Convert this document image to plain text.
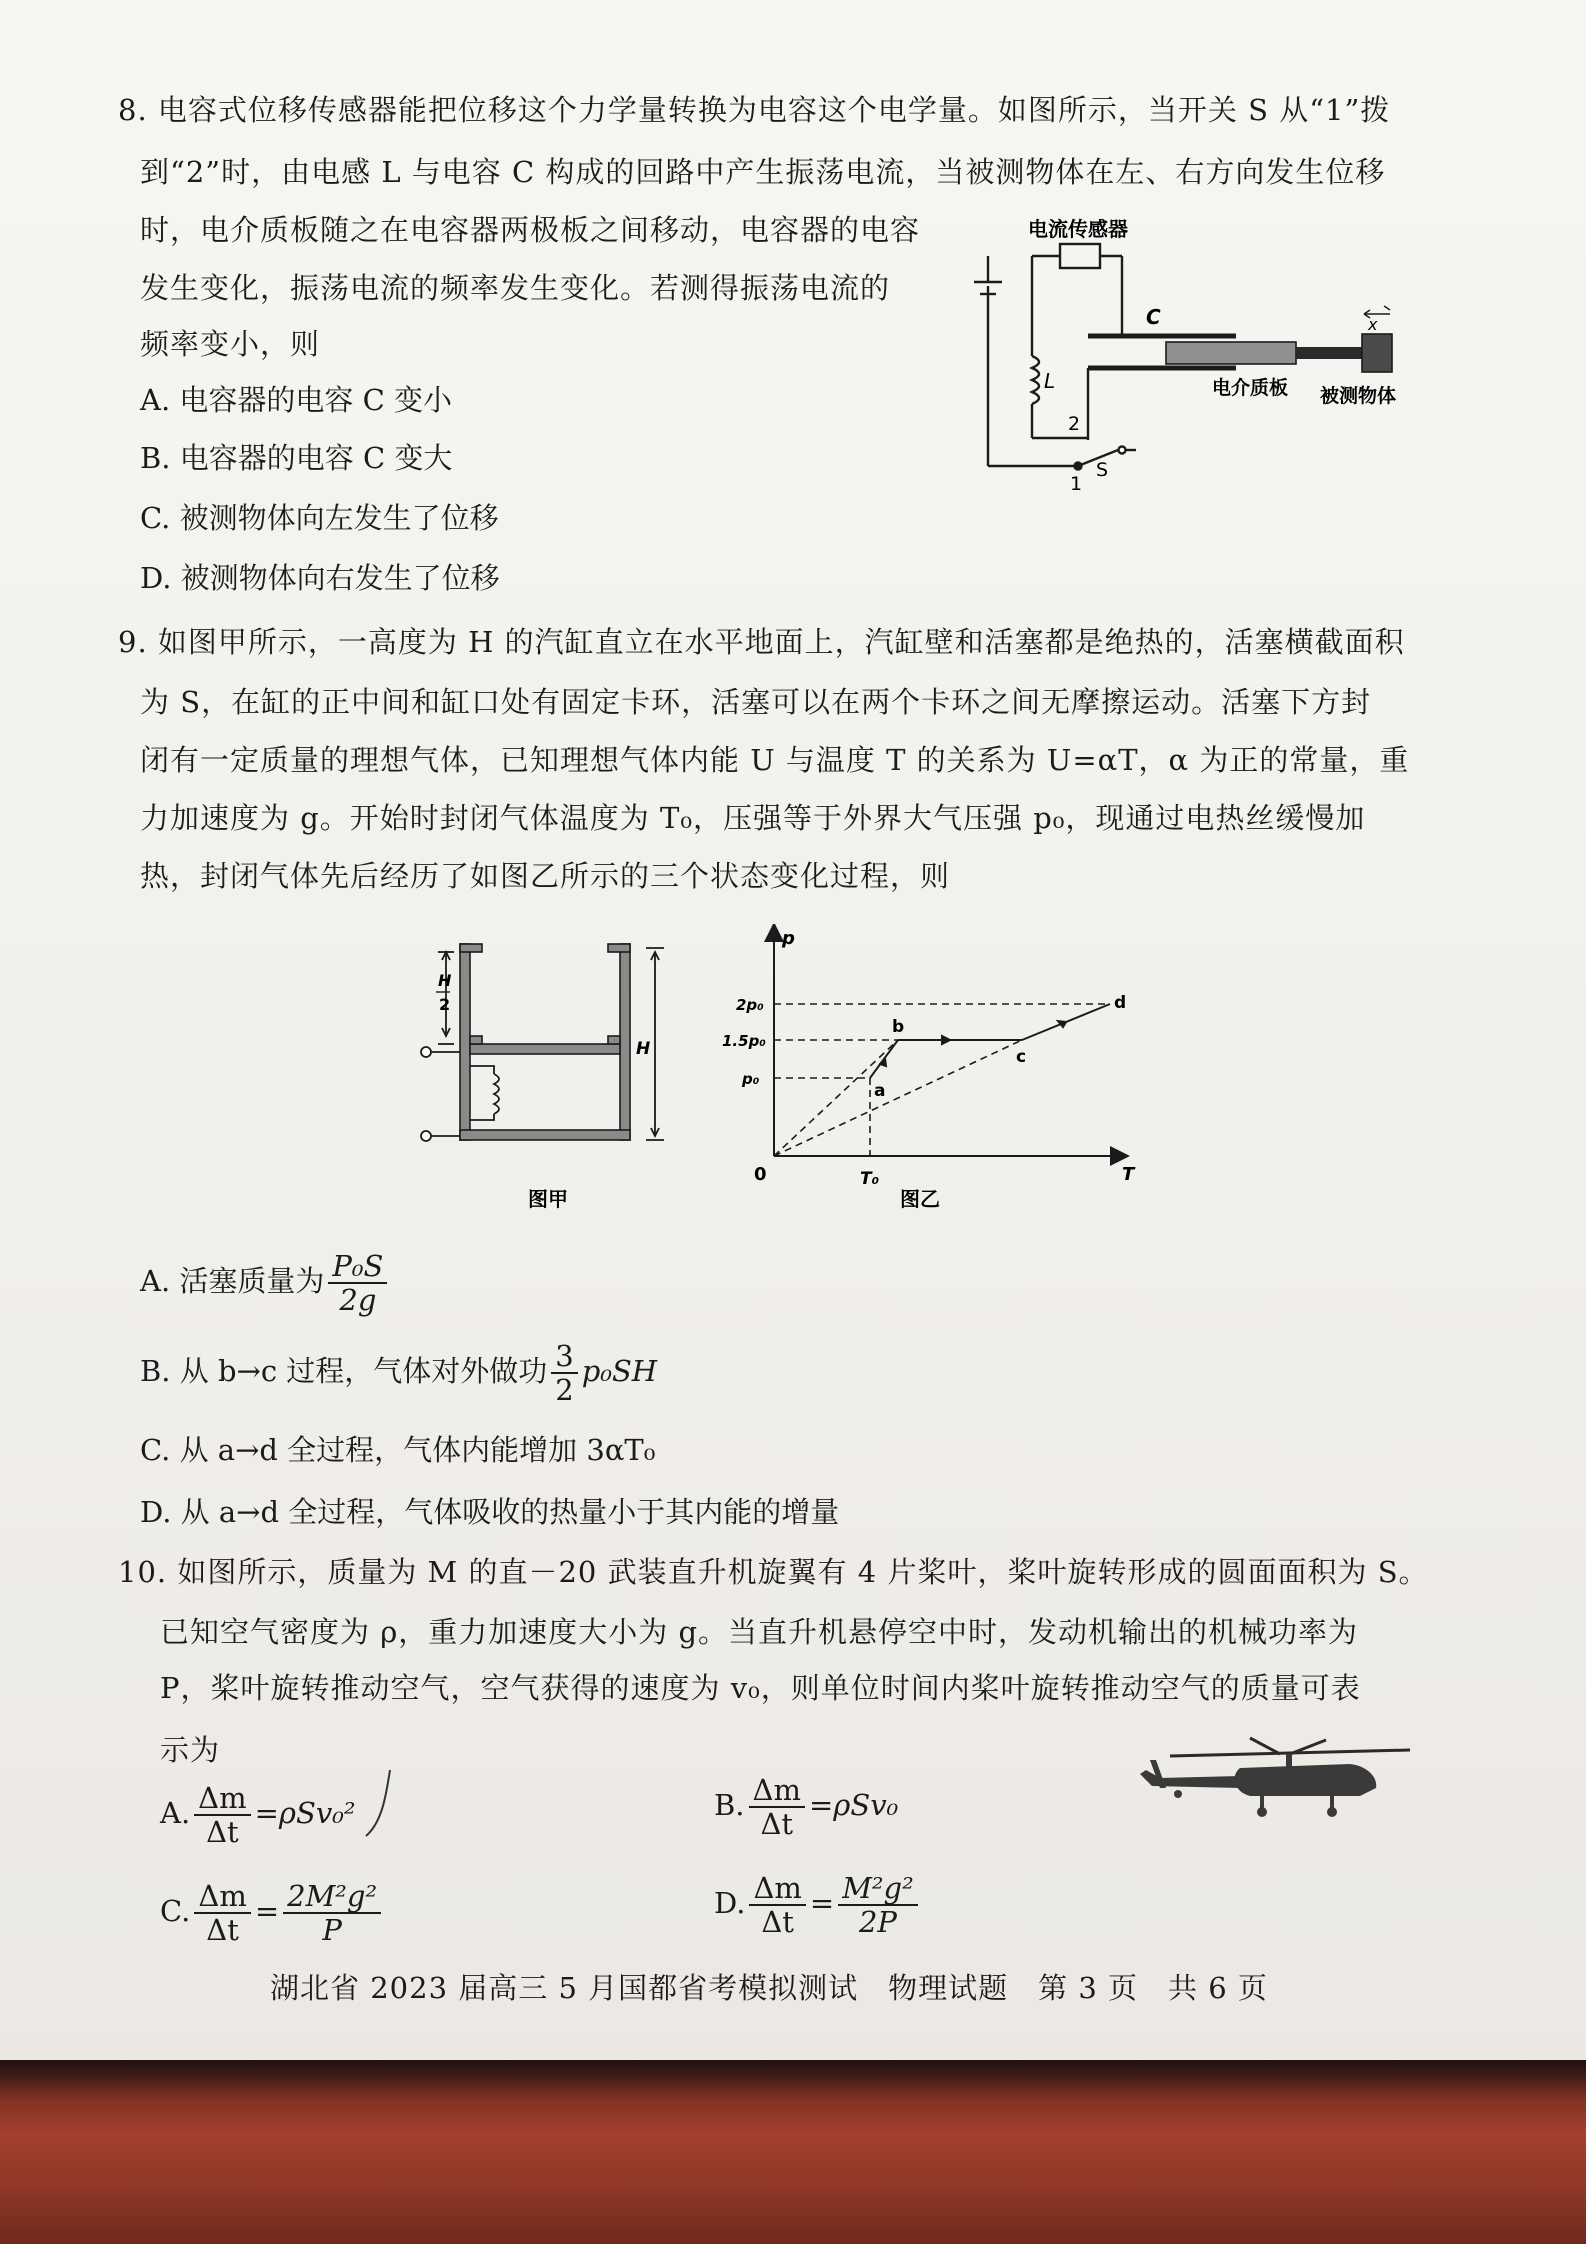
8. 电容式位移传感器能把位移这个力学量转换为电容这个电学量。如图所示，当开关 S 从“1”拨
到“2”时，由电感 L 与电容 C 构成的回路中产生振荡电流，当被测物体在左、右方向发生位移
时，电介质板随之在电容器两极板之间移动，电容器的电容
发生变化，振荡电流的频率发生变化。若测得振荡电流的
频率变小，则
A. 电容器的电容 C 变小
B. 电容器的电容 C 变大
C. 被测物体向左发生了位移
D. 被测物体向右发生了位移
x
电流传感器
C
L	电介质板 被测物体
2
1
S
9. 如图甲所示，一高度为 H 的汽缸直立在水平地面上，汽缸壁和活塞都是绝热的，活塞横截面积
为 S，在缸的正中间和缸口处有固定卡环，活塞可以在两个卡环之间无摩擦运动。活塞下方封
闭有一定质量的理想气体，已知理想气体内能 U 与温度 T 的关系为 U=αT，α 为正的常量，重
力加速度为 g。开始时封闭气体温度为 T₀，压强等于外界大气压强 p₀，现通过电热丝缓慢加
热，封闭气体先后经历了如图乙所示的三个状态变化过程，则
H
2
H
图甲
p
T
0	T₀
2p₀
1.5p₀
p₀
a
b
c
d
图乙
A. 活塞质量为 $\frac{\text{P₀S}}{2g}$
B. 从 b→c 过程，气体对外做功 $\frac{3}{2} p_0SH$
C. 从 a→d 全过程，气体内能增加 3αT₀
D. 从 a→d 全过程，气体吸收的热量小于其内能的增量
10. 如图所示，质量为 M 的直－20 武装直升机旋翼有 4 片桨叶，桨叶旋转形成的圆面面积为 S。
已知空气密度为 ρ，重力加速度大小为 g。当直升机悬停空中时，发动机输出的机械功率为
P，桨叶旋转推动空气，空气获得的速度为 v₀，则单位时间内桨叶旋转推动空气的质量可表
示为
A. $\frac{\Delta m}{\Delta t} =\rho Sv_0^2$	B. $\frac{\Delta m}{\Delta t} =\rho Sv_0$
C. $\frac{\Delta m}{\Delta t} = \frac{\text{2M²g²}}{P}$	D. $\frac{\Delta m}{\Delta t} = \frac{\text{M²g²}}{2P}$
湖北省 2023 届高三 5 月国都省考模拟测试　物理试题　第 3 页　共 6 页
